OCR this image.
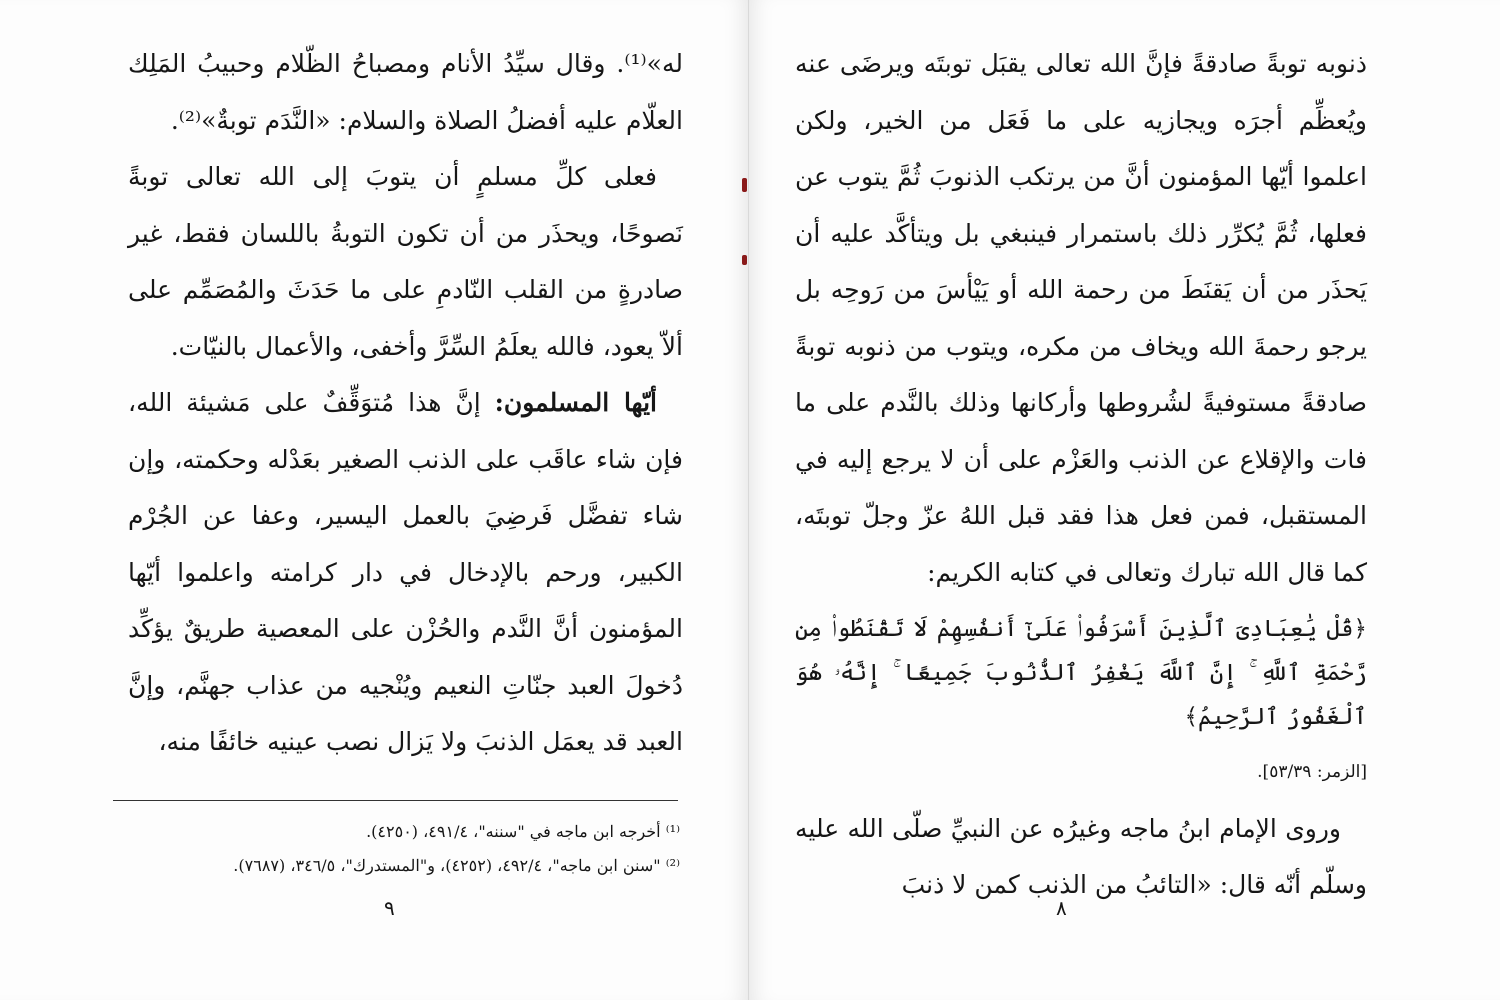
له»⁽¹⁾. وقال سيِّدُ الأنام ومصباحُ الظّلام وحبيبُ المَلِك العلّام عليه أفضلُ الصلاة والسلام: «النَّدَم توبةٌ»⁽²⁾.

فعلى كلِّ مسلمٍ أن يتوبَ إلى الله تعالى توبةً نَصوحًا، ويحذَر من أن تكون التوبةُ باللسان فقط، غير صادرةٍ من القلب النّادمِ على ما حَدَثَ والمُصَمِّم على ألاّ يعود، فالله يعلَمُ السِّرَّ وأخفى، والأعمال بالنيّات.

أيّها المسلمون: إنَّ هذا مُتوَقِّفٌ على مَشيئة الله، فإن شاء عاقَب على الذنب الصغير بعَدْله وحكمته، وإن شاء تفضَّل فَرضِيَ بالعمل اليسير، وعفا عن الجُرْم الكبير، ورحم بالإدخال في دار كرامته واعلموا أيّها المؤمنون أنَّ النَّدم والحُزْن على المعصية طريقٌ يؤكِّد دُخولَ العبد جنّاتِ النعيم ويُنْجيه من عذاب جهنَّم، وإنَّ العبد قد يعمَل الذنبَ ولا يَزال نصب عينيه خائفًا منه،

⁽¹⁾ أخرجه ابن ماجه في "سننه"، ٤٩١/٤، (٤٢٥٠).

⁽²⁾ "سنن ابن ماجه"، ٤٩٢/٤، (٤٢٥٢)، و"المستدرك"، ٣٤٦/٥، (٧٦٨٧).

٩

ذنوبه توبةً صادقةً فإنَّ الله تعالى يقبَل توبتَه ويرضَى عنه ويُعظِّم أجرَه ويجازيه على ما فَعَل من الخير، ولكن اعلموا أيّها المؤمنون أنَّ من يرتكب الذنوبَ ثُمَّ يتوب عن فعلها، ثُمَّ يُكرِّر ذلك باستمرار فينبغي بل ويتأكَّد عليه أن يَحذَر من أن يَقنَطَ من رحمة الله أو يَيْأسَ من رَوحِه بل يرجو رحمةَ الله ويخاف من مكره، ويتوب من ذنوبه توبةً صادقةً مستوفيةً لشُروطها وأركانها وذلك بالنَّدم على ما فات والإقلاع عن الذنب والعَزْم على أن لا يرجع إليه في المستقبل، فمن فعل هذا فقد قبل اللهُ عزّ وجلّ توبتَه، كما قال الله تبارك وتعالى في كتابه الكريم:

﴿قُلْ يَٰعِبَادِىَ ٱلَّذِينَ أَسْرَفُوا۟ عَلَىٰٓ أَنفُسِهِمْ لَا تَقْنَطُوا۟ مِن رَّحْمَةِ ٱللَّهِ ۚ إِنَّ ٱللَّهَ يَغْفِرُ ٱلذُّنُوبَ جَمِيعًا ۚ إِنَّهُۥ هُوَ ٱلْغَفُورُ ٱلرَّحِيمُ﴾

[الزمر: ٥٣/٣٩].

وروى الإمام ابنُ ماجه وغيرُه عن النبيِّ صلّى الله عليه وسلّم أنّه قال: «التائبُ من الذنب كمن لا ذنبَ

٨
